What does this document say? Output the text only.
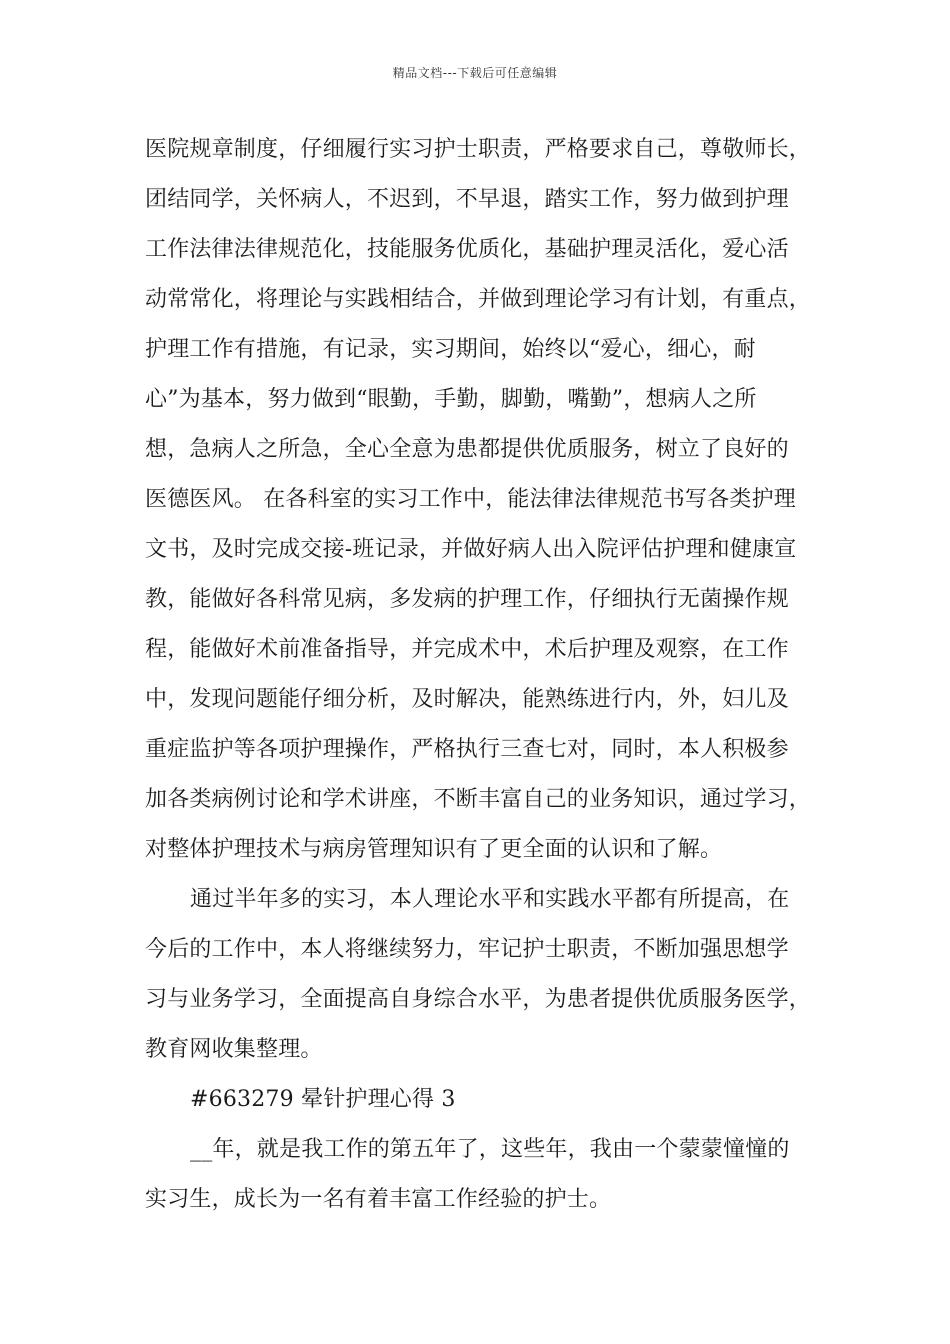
精品文档---下载后可任意编辑
医院规章制度，仔细履行实习护士职责，严格要求自己，尊敬师长，
团结同学，关怀病人，不迟到，不早退，踏实工作，努力做到护理
工作法律法律规范化，技能服务优质化，基础护理灵活化，爱心活
动常常化，将理论与实践相结合，并做到理论学习有计划，有重点，
护理工作有措施，有记录，实习期间，始终以“爱心，细心，耐
心”为基本，努力做到“眼勤，手勤，脚勤，嘴勤”，想病人之所
想，急病人之所急，全心全意为患都提供优质服务，树立了良好的
医德医风。 在各科室的实习工作中，能法律法律规范书写各类护理
文书，及时完成交接-班记录，并做好病人出入院评估护理和健康宣
教，能做好各科常见病，多发病的护理工作，仔细执行无菌操作规
程，能做好术前准备指导，并完成术中，术后护理及观察，在工作
中，发现问题能仔细分析，及时解决，能熟练进行内，外，妇儿及
重症监护等各项护理操作，严格执行三查七对，同时，本人积极参
加各类病例讨论和学术讲座，不断丰富自己的业务知识，通过学习，
对整体护理技术与病房管理知识有了更全面的认识和了解。
通过半年多的实习，本人理论水平和实践水平都有所提高，在
今后的工作中，本人将继续努力，牢记护士职责，不断加强思想学
习与业务学习，全面提高自身综合水平，为患者提供优质服务医学，
教育网收集整理。
#663279 晕针护理心得 3
__年，就是我工作的第五年了，这些年，我由一个蒙蒙憧憧的
实习生，成长为一名有着丰富工作经验的护士。
